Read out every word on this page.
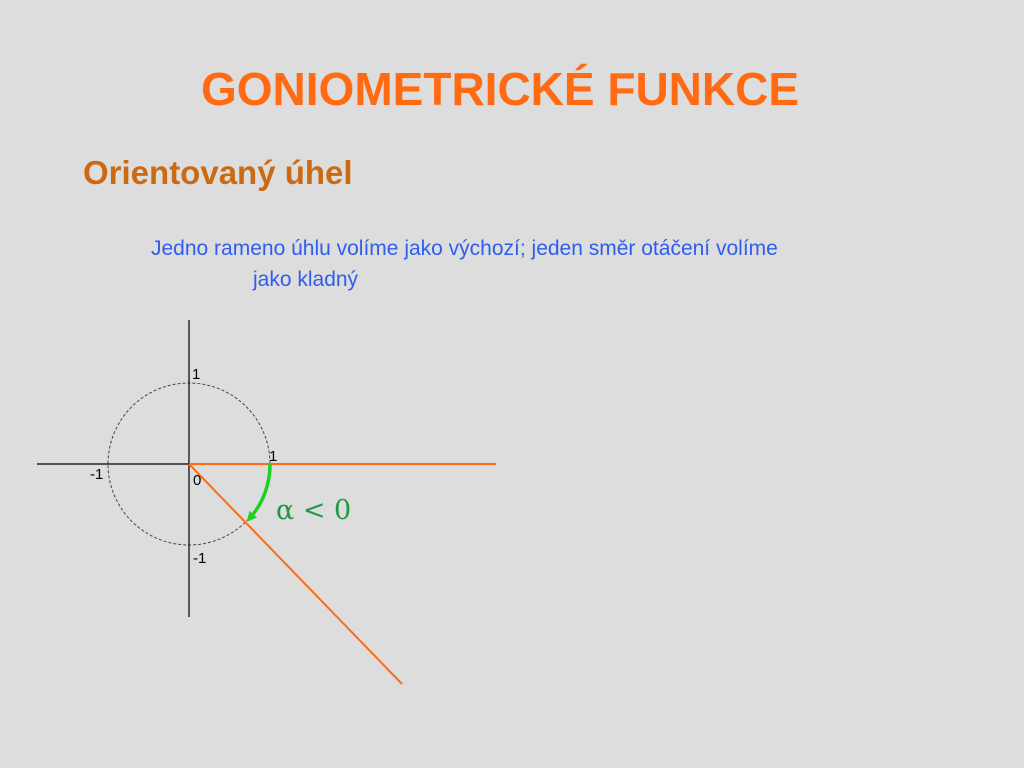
GONIOMETRICKÉ FUNKCE
Orientovaný úhel

Jedno rameno úhlu volíme jako výchozí; jeden směr otáčení volíme
jako kladný

1
1
-1	0
-1
α < 0
